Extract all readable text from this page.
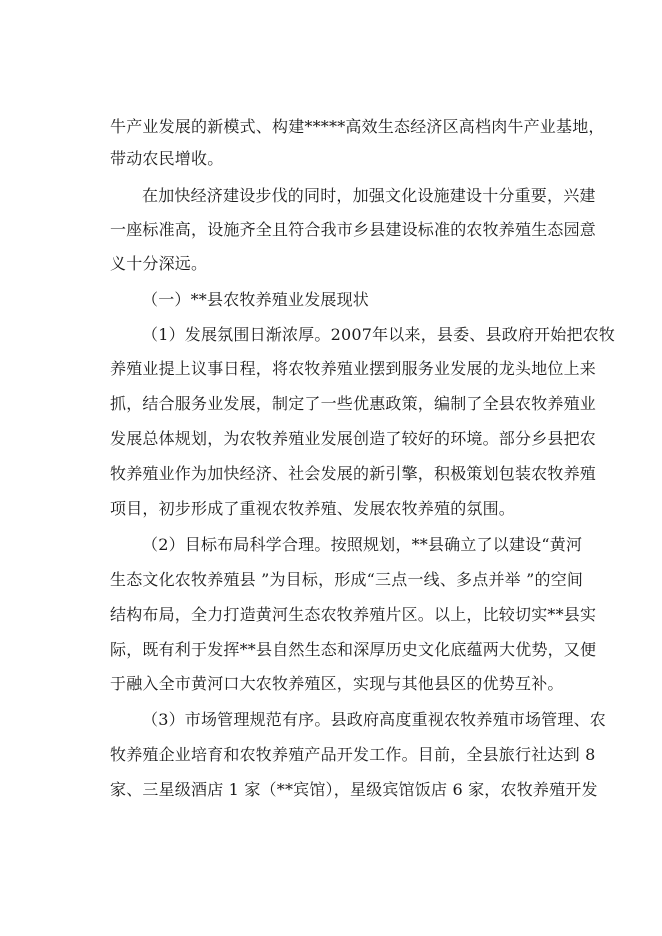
牛产业发展的新模式、构建*****高效生态经济区高档肉牛产业基地，
带动农民增收。
在加快经济建设步伐的同时，加强文化设施建设十分重要，兴建
一座标准高，设施齐全且符合我市乡县建设标准的农牧养殖生态园意
义十分深远。
（一）**县农牧养殖业发展现状
（1）发展氛围日渐浓厚。2007年以来，县委、县政府开始把农牧
养殖业提上议事日程，将农牧养殖业摆到服务业发展的龙头地位上来
抓，结合服务业发展，制定了一些优惠政策，编制了全县农牧养殖业
发展总体规划，为农牧养殖业发展创造了较好的环境。部分乡县把农
牧养殖业作为加快经济、社会发展的新引擎，积极策划包装农牧养殖
项目，初步形成了重视农牧养殖、发展农牧养殖的氛围。
（2）目标布局科学合理。按照规划，**县确立了以建设“黄河
生态文化农牧养殖县 ”为目标，形成“三点一线、多点并举 ”的空间
结构布局，全力打造黄河生态农牧养殖片区。以上，比较切实**县实
际，既有利于发挥**县自然生态和深厚历史文化底蕴两大优势，又便
于融入全市黄河口大农牧养殖区，实现与其他县区的优势互补。
（3）市场管理规范有序。县政府高度重视农牧养殖市场管理、农
牧养殖企业培育和农牧养殖产品开发工作。目前，全县旅行社达到 8
家、三星级酒店 1 家（**宾馆），星级宾馆饭店 6 家，农牧养殖开发
